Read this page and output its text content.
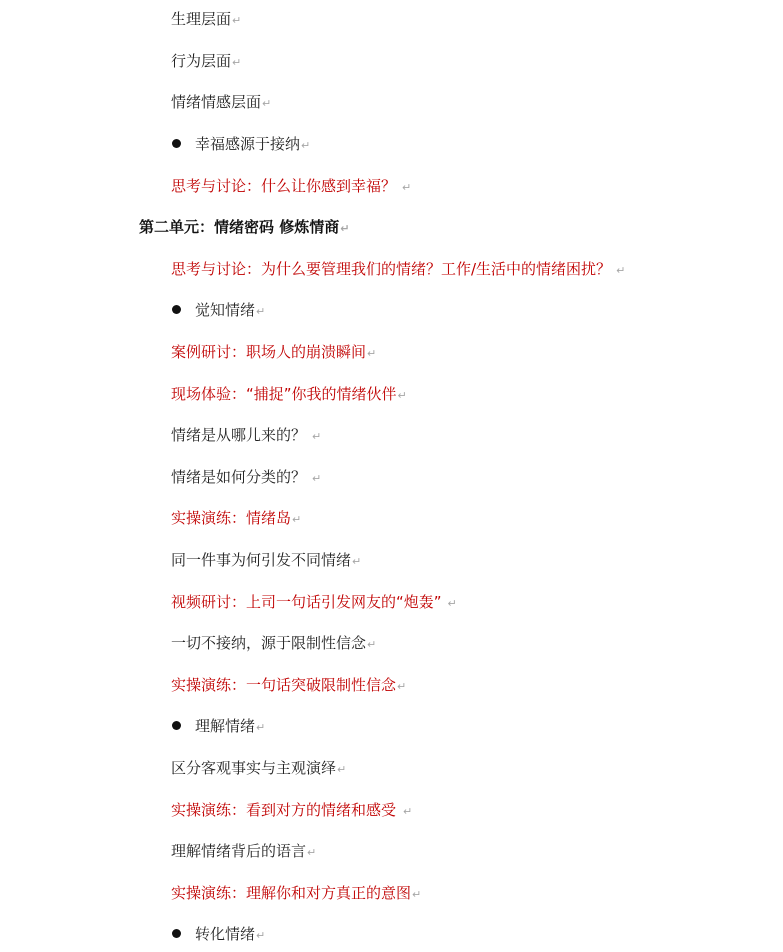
生理层面↵
行为层面↵
情绪情感层面↵
幸福感源于接纳↵
思考与讨论：什么让你感到幸福？ ↵
第二单元：情绪密码 修炼情商↵
思考与讨论：为什么要管理我们的情绪？工作/生活中的情绪困扰？ ↵
觉知情绪↵
案例研讨：职场人的崩溃瞬间↵
现场体验：“捕捉”你我的情绪伙伴↵
情绪是从哪儿来的？ ↵
情绪是如何分类的？ ↵
实操演练：情绪岛↵
同一件事为何引发不同情绪↵
视频研讨：上司一句话引发网友的“炮轰” ↵
一切不接纳，源于限制性信念↵
实操演练：一句话突破限制性信念↵
理解情绪↵
区分客观事实与主观演绎↵
实操演练：看到对方的情绪和感受 ↵
理解情绪背后的语言↵
实操演练：理解你和对方真正的意图↵
转化情绪↵
